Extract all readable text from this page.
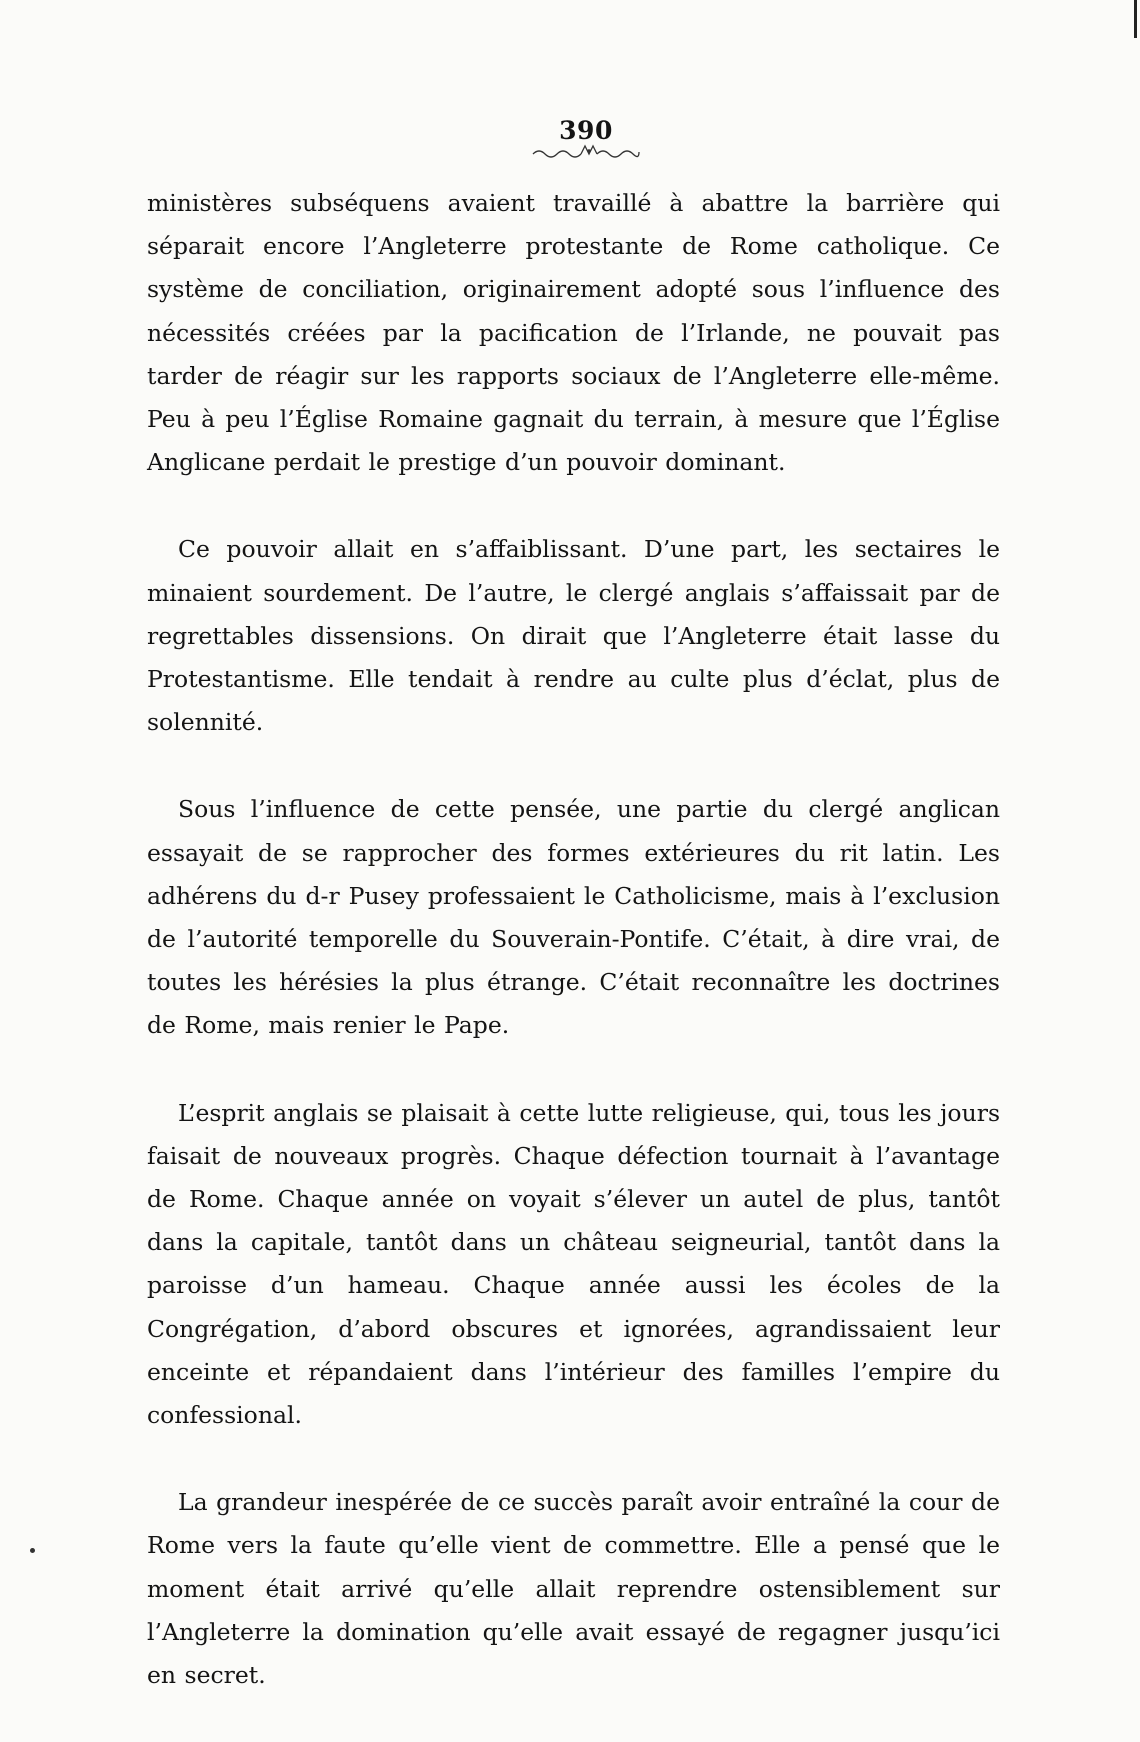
390

ministères subséquens avaient travaillé à abattre la barrière qui séparait encore l’Angleterre protestante de Rome catholique. Ce système de conciliation, originairement adopté sous l’influence des nécessités créées par la pacification de l’Irlande, ne pouvait pas tarder de réagir sur les rapports sociaux de l’Angleterre elle-même. Peu à peu l’Église Romaine gagnait du terrain, à mesure que l’Église Anglicane perdait le prestige d’un pouvoir dominant.

Ce pouvoir allait en s’affaiblissant. D’une part, les sectaires le minaient sourdement. De l’autre, le clergé anglais s’affaissait par de regrettables dissensions. On dirait que l’Angleterre était lasse du Protestantisme. Elle tendait à rendre au culte plus d’éclat, plus de solennité.

Sous l’influence de cette pensée, une partie du clergé anglican essayait de se rapprocher des formes extérieures du rit latin. Les adhérens du d-r Pusey professaient le Catholicisme, mais à l’exclusion de l’autorité temporelle du Souverain-Pontife. C’était, à dire vrai, de toutes les hérésies la plus étrange. C’était reconnaître les doctrines de Rome, mais renier le Pape.

L’esprit anglais se plaisait à cette lutte religieuse, qui, tous les jours faisait de nouveaux progrès. Chaque défection tournait à l’avantage de Rome. Chaque année on voyait s’élever un autel de plus, tantôt dans la capitale, tantôt dans un château seigneurial, tantôt dans la paroisse d’un hameau. Chaque année aussi les écoles de la Congrégation, d’abord obscures et ignorées, agrandissaient leur enceinte et répandaient dans l’intérieur des familles l’empire du confessional.

La grandeur inespérée de ce succès paraît avoir entraîné la cour de Rome vers la faute qu’elle vient de commettre. Elle a pensé que le moment était arrivé qu’elle allait reprendre ostensiblement sur l’Angleterre la domination qu’elle avait essayé de regagner jusqu’ici en secret.
